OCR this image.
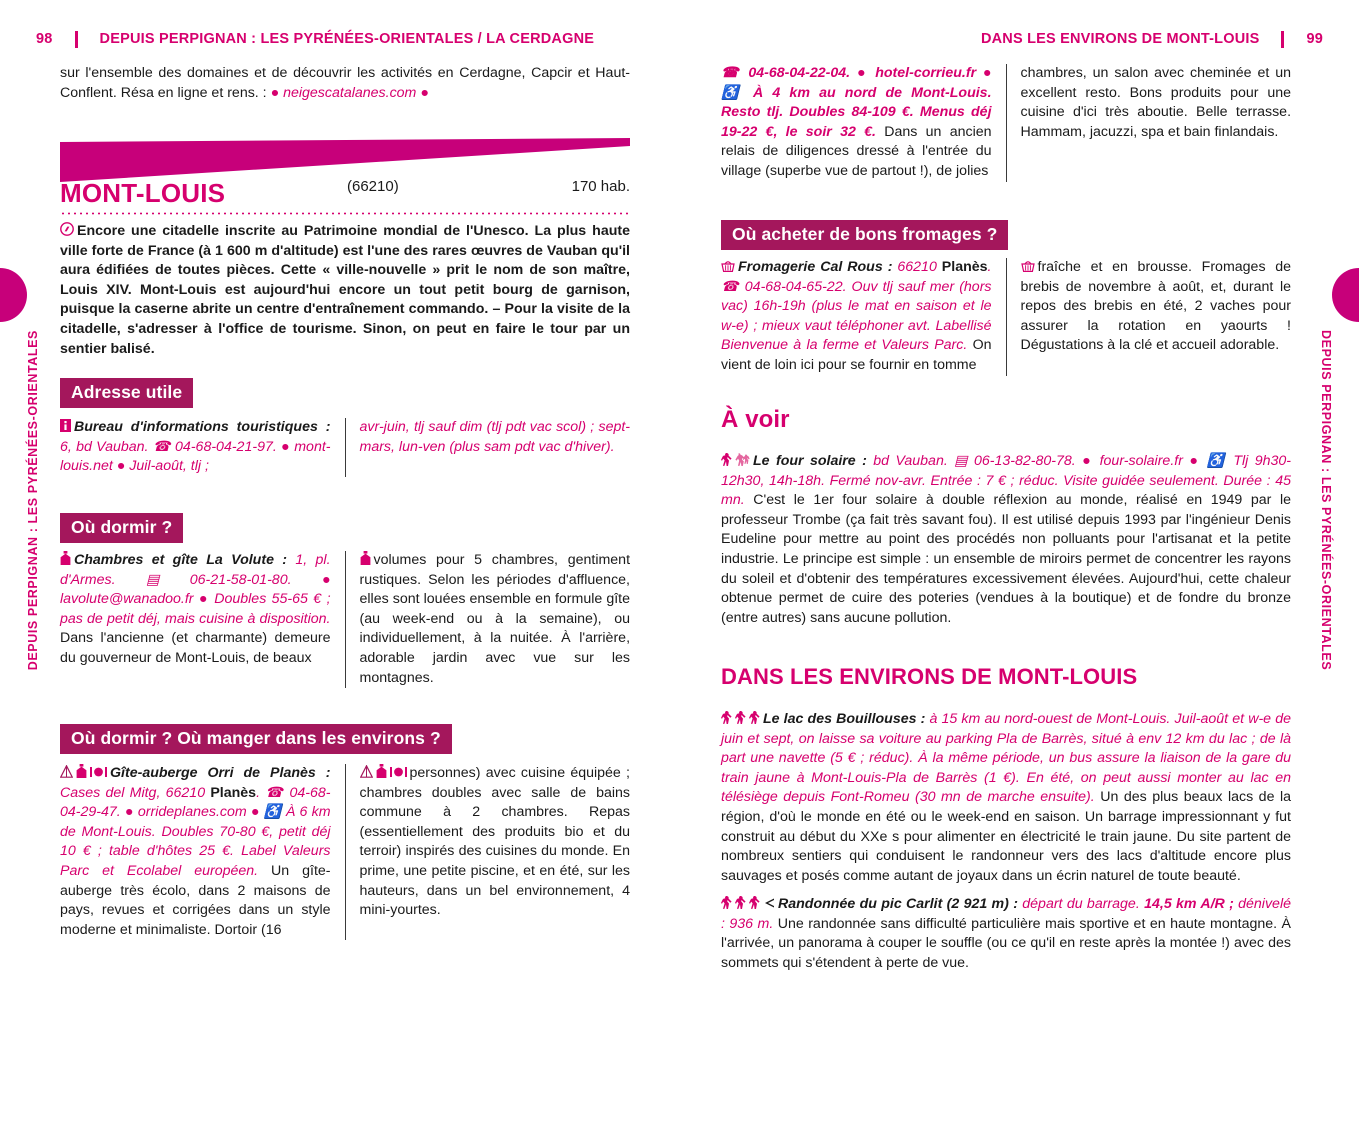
98	DEPUIS PERPIGNAN : LES PYRÉNÉES-ORIENTALES / LA CERDAGNE
DEPUIS PERPIGNAN : LES PYRÉNÉES-ORIENTALES

sur l'ensemble des domaines et de découvrir les activités en Cerdagne, Capcir et Haut-Conflent. Résa en ligne et rens. : ● neigescatalanes.com ●

MONT-LOUIS	(66210)	170 hab.

Encore une citadelle inscrite au Patrimoine mondial de l'Unesco. La plus haute ville forte de France (à 1 600 m d'altitude) est l'une des rares œuvres de Vauban qu'il aura édifiées de toutes pièces. Cette « ville-nouvelle » prit le nom de son maître, Louis XIV. Mont-Louis est aujourd'hui encore un tout petit bourg de garnison, puisque la caserne abrite un centre d'entraînement commando. – Pour la visite de la citadelle, s'adresser à l'office de tourisme. Sinon, on peut en faire le tour par un sentier balisé.

Adresse utile

Bureau d'informations touristiques : 6, bd Vauban. ☎ 04-68-04-21-97. ● mont-louis.net ● Juil-août, tlj ;

avr-juin, tlj sauf dim (tlj pdt vac scol) ; sept-mars, lun-ven (plus sam pdt vac d'hiver).

Où dormir ?

Chambres et gîte La Volute : 1, pl. d'Armes. ▤ 06-21-58-01-80. ● lavolute@wanadoo.fr ● Doubles 55-65 € ; pas de petit déj, mais cuisine à disposition. Dans l'ancienne (et charmante) demeure du gouverneur de Mont-Louis, de beaux

volumes pour 5 chambres, gentiment rustiques. Selon les périodes d'affluence, elles sont louées ensemble en formule gîte (au week-end ou à la semaine), ou individuellement, à la nuitée. À l'arrière, adorable jardin avec vue sur les montagnes.

Où dormir ? Où manger dans les environs ?

Gîte-auberge Orri de Planès : Cases del Mitg, 66210 Planès. ☎ 04-68-04-29-47. ● orrideplanes.com ● ♿ À 6 km de Mont-Louis. Doubles 70-80 €, petit déj 10 € ; table d'hôtes 25 €. Label Valeurs Parc et Ecolabel européen. Un gîte-auberge très écolo, dans 2 maisons de pays, revues et corrigées dans un style moderne et minimaliste. Dortoir (16

personnes) avec cuisine équipée ; chambres doubles avec salle de bains commune à 2 chambres. Repas (essentiellement des produits bio et du terroir) inspirés des cuisines du monde. En prime, une petite piscine, et en été, sur les hauteurs, dans un bel environnement, 4 mini-yourtes.

DANS LES ENVIRONS DE MONT-LOUIS	99
DEPUIS PERPIGNAN : LES PYRÉNÉES-ORIENTALES

☎ 04-68-04-22-04. ● hotel-corrieu.fr ● ♿ À 4 km au nord de Mont-Louis. Resto tlj. Doubles 84-109 €. Menus déj 19-22 €, le soir 32 €. Dans un ancien relais de diligences dressé à l'entrée du village (superbe vue de partout !), de jolies

chambres, un salon avec cheminée et un excellent resto. Bons produits pour une cuisine d'ici très aboutie. Belle terrasse. Hammam, jacuzzi, spa et bain finlandais.

Où acheter de bons fromages ?

Fromagerie Cal Rous : 66210 Planès. ☎ 04-68-04-65-22. Ouv tlj sauf mer (hors vac) 16h-19h (plus le mat en saison et le w-e) ; mieux vaut téléphoner avt. Labellisé Bienvenue à la ferme et Valeurs Parc. On vient de loin ici pour se fournir en tomme

fraîche et en brousse. Fromages de brebis de novembre à août, et, durant le repos des brebis en été, 2 vaches pour assurer la rotation en yaourts ! Dégustations à la clé et accueil adorable.

À voir

Le four solaire : bd Vauban. ▤ 06-13-82-80-78. ● four-solaire.fr ● ♿ Tlj 9h30-12h30, 14h-18h. Fermé nov-avr. Entrée : 7 € ; réduc. Visite guidée seulement. Durée : 45 mn. C'est le 1er four solaire à double réflexion au monde, réalisé en 1949 par le professeur Trombe (ça fait très savant fou). Il est utilisé depuis 1993 par l'ingénieur Denis Eudeline pour mettre au point des procédés non polluants pour l'artisanat et la petite industrie. Le principe est simple : un ensemble de miroirs permet de concentrer les rayons du soleil et d'obtenir des températures excessivement élevées. Aujourd'hui, cette chaleur obtenue permet de cuire des poteries (vendues à la boutique) et de fondre du bronze (entre autres) sans aucune pollution.

DANS LES ENVIRONS DE MONT-LOUIS

Le lac des Bouillouses : à 15 km au nord-ouest de Mont-Louis. Juil-août et w-e de juin et sept, on laisse sa voiture au parking Pla de Barrès, situé à env 12 km du lac ; de là part une navette (5 € ; réduc). À la même période, un bus assure la liaison de la gare du train jaune à Mont-Louis-Pla de Barrès (1 €). En été, on peut aussi monter au lac en télésiège depuis Font-Romeu (30 mn de marche ensuite). Un des plus beaux lacs de la région, d'où le monde en été ou le week-end en saison. Un barrage impressionnant y fut construit au début du XXe s pour alimenter en électricité le train jaune. Du site partent de nombreux sentiers qui conduisent le randonneur vers des lacs d'altitude encore plus sauvages et posés comme autant de joyaux dans un écrin naturel de toute beauté.

Randonnée du pic Carlit (2 921 m) : départ du barrage. 14,5 km A/R ; dénivelé : 936 m. Une randonnée sans difficulté particulière mais sportive et en haute montagne. À l'arrivée, un panorama à couper le souffle (ou ce qu'il en reste après la montée !) avec des sommets qui s'étendent à perte de vue.
